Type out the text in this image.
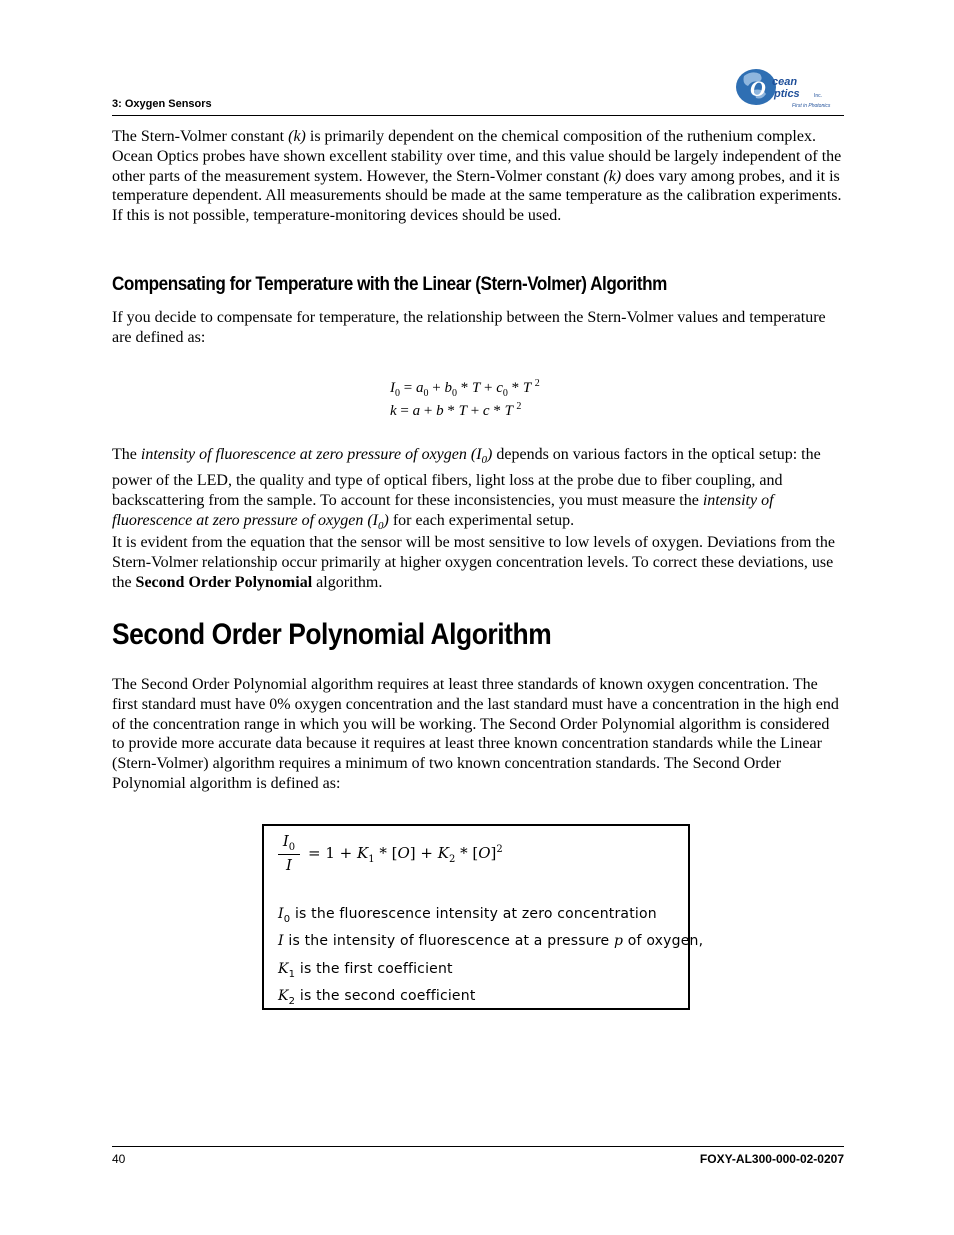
3: Oxygen Sensors
O cean
ptics	Inc.
First in Photonics

The Stern-Volmer constant (k) is primarily dependent on the chemical composition of the ruthenium complex. Ocean Optics probes have shown excellent stability over time, and this value should be largely independent of the other parts of the measurement system. However, the Stern-Volmer constant (k) does vary among probes, and it is temperature dependent. All measurements should be made at the same temperature as the calibration experiments. If this is not possible, temperature-monitoring devices should be used.

Compensating for Temperature with the Linear (Stern-Volmer) Algorithm

If you decide to compensate for temperature, the relationship between the Stern-Volmer values and temperature are defined as:

$I_0 = a_0 + b_0 * T + c_0 * T$ $^2$
k = a + b * T + c * T $^2$

The intensity of fluorescence at zero pressure of oxygen $(I_0)$ depends on various factors in the optical setup: the power of the LED, the quality and type of optical fibers, light loss at the probe due to fiber coupling, and backscattering from the sample. To account for these inconsistencies, you must measure the intensity of fluorescence at zero pressure of oxygen $(I_0)$ for each experimental setup.

It is evident from the equation that the sensor will be most sensitive to low levels of oxygen. Deviations from the Stern-Volmer relationship occur primarily at higher oxygen concentration levels. To correct these deviations, use the Second Order Polynomial algorithm.

Second Order Polynomial Algorithm

The Second Order Polynomial algorithm requires at least three standards of known oxygen concentration. The first standard must have 0% oxygen concentration and the last standard must have a concentration in the high end of the concentration range in which you will be working. The Second Order Polynomial algorithm is considered to provide more accurate data because it requires at least three known concentration standards while the Linear (Stern-Volmer) algorithm requires a minimum of two known concentration standards. The Second Order Polynomial algorithm is defined as:

$\frac{I_0}{I} = 1 + K_1 * [O] + K_2 * [O]^2$
$I_0$ is the fluorescence intensity at zero concentration
I is the intensity of fluorescence at a pressure p of oxygen,
$K_1$ is the first coefficient
$K_2$ is the second coefficient
40	FOXY-AL300-000-02-0207
